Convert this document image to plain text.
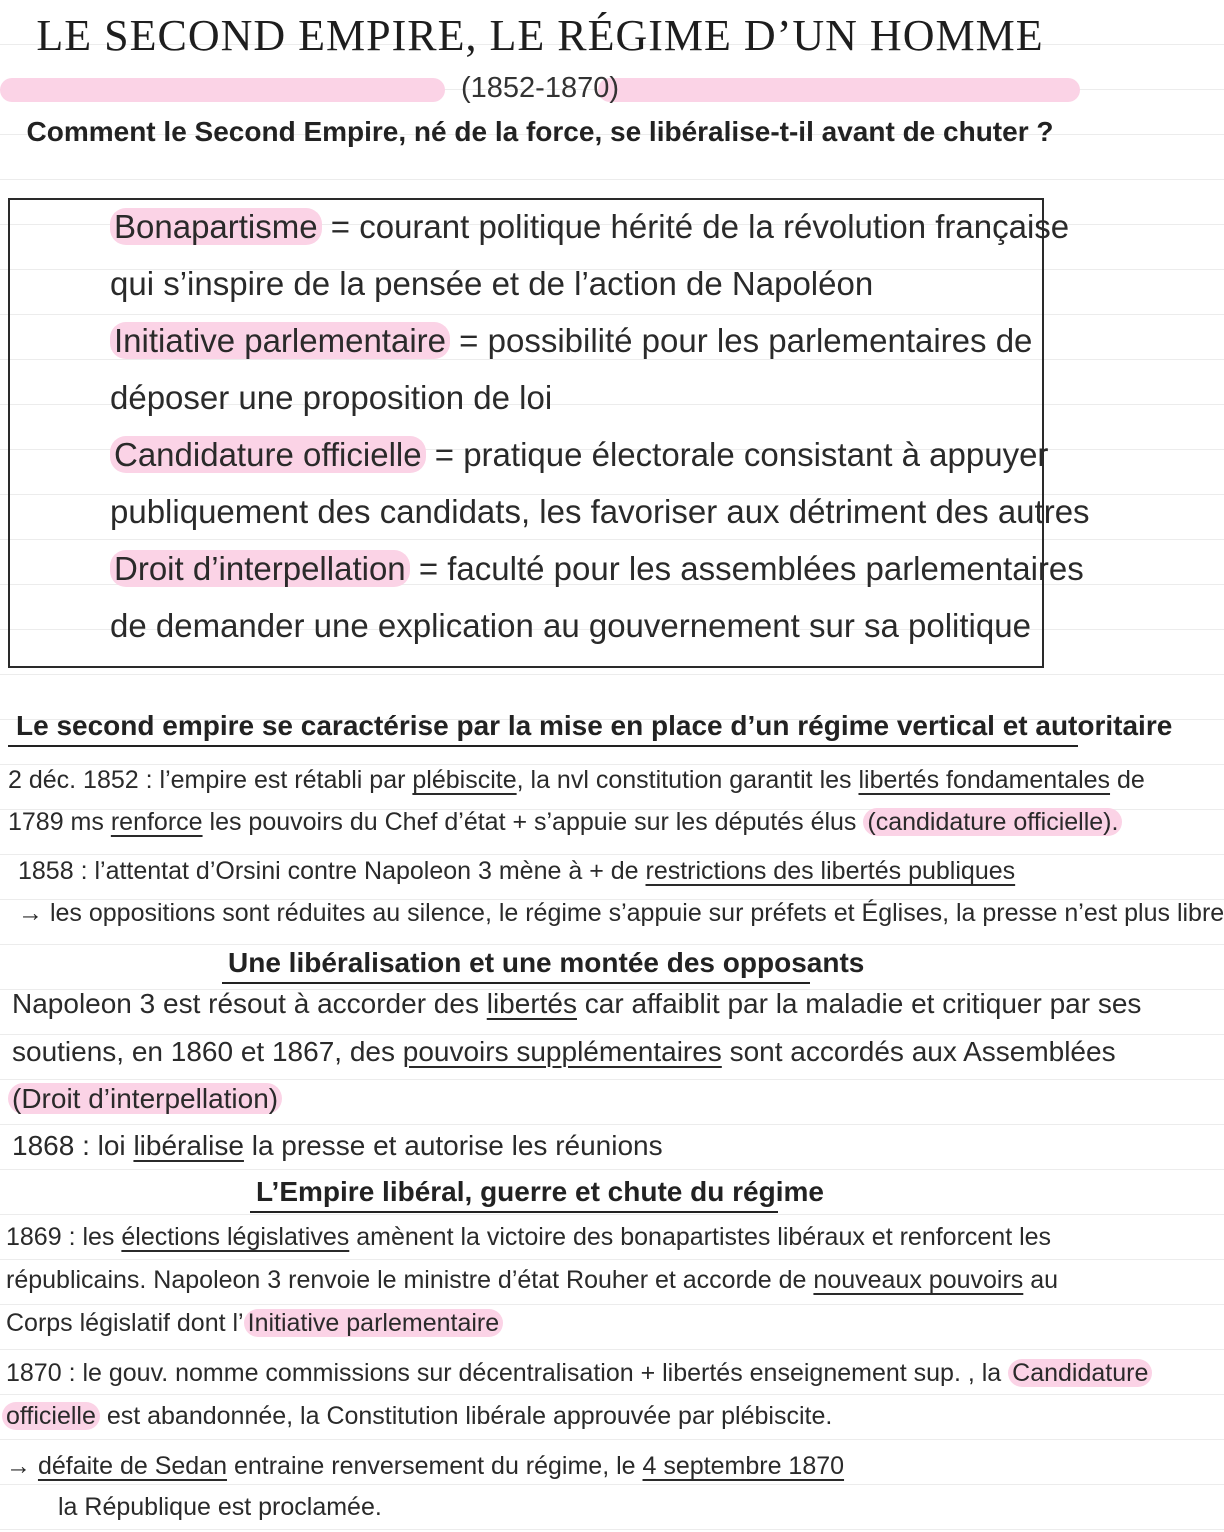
LE SECOND EMPIRE, LE RÉGIME D’UN HOMME
(1852-1870)
Comment le Second Empire, né de la force, se libéralise-t-il avant de chuter ?
Bonapartisme = courant politique hérité de la révolution française
qui s’inspire de la pensée et de l’action de Napoléon
Initiative parlementaire = possibilité pour les parlementaires de
déposer une proposition de loi
Candidature officielle = pratique électorale consistant à appuyer
publiquement des candidats, les favoriser aux détriment des autres
Droit d’interpellation = faculté pour les assemblées parlementaires
de demander une explication au gouvernement sur sa politique
Le second empire se caractérise par la mise en place d’un régime vertical et autoritaire
2 déc. 1852 : l’empire est rétabli par plébiscite, la nvl constitution garantit les libertés fondamentales de
1789 ms renforce les pouvoirs du Chef d’état + s’appuie sur les députés élus (candidature officielle).
1858 : l’attentat d’Orsini contre Napoleon 3 mène à + de restrictions des libertés publiques
→ les oppositions sont réduites au silence, le régime s’appuie sur préfets et Églises, la presse n’est plus libre
Une libéralisation et une montée des opposants
Napoleon 3 est résout à accorder des libertés car affaiblit par la maladie et critiquer par ses
soutiens, en 1860 et 1867, des pouvoirs supplémentaires sont accordés aux Assemblées
(Droit d’interpellation)
1868 : loi libéralise la presse et autorise les réunions
L’Empire libéral, guerre et chute du régime
1869 : les élections législatives amènent la victoire des bonapartistes libéraux et renforcent les
républicains. Napoleon 3 renvoie le ministre d’état Rouher et accorde de nouveaux pouvoirs au
Corps législatif dont l’ Initiative parlementaire
1870 : le gouv. nomme commissions sur décentralisation + libertés enseignement sup. , la Candidature
officielle est abandonnée, la Constitution libérale approuvée par plébiscite.
→ défaite de Sedan entraine renversement du régime, le 4 septembre 1870
la République est proclamée.
